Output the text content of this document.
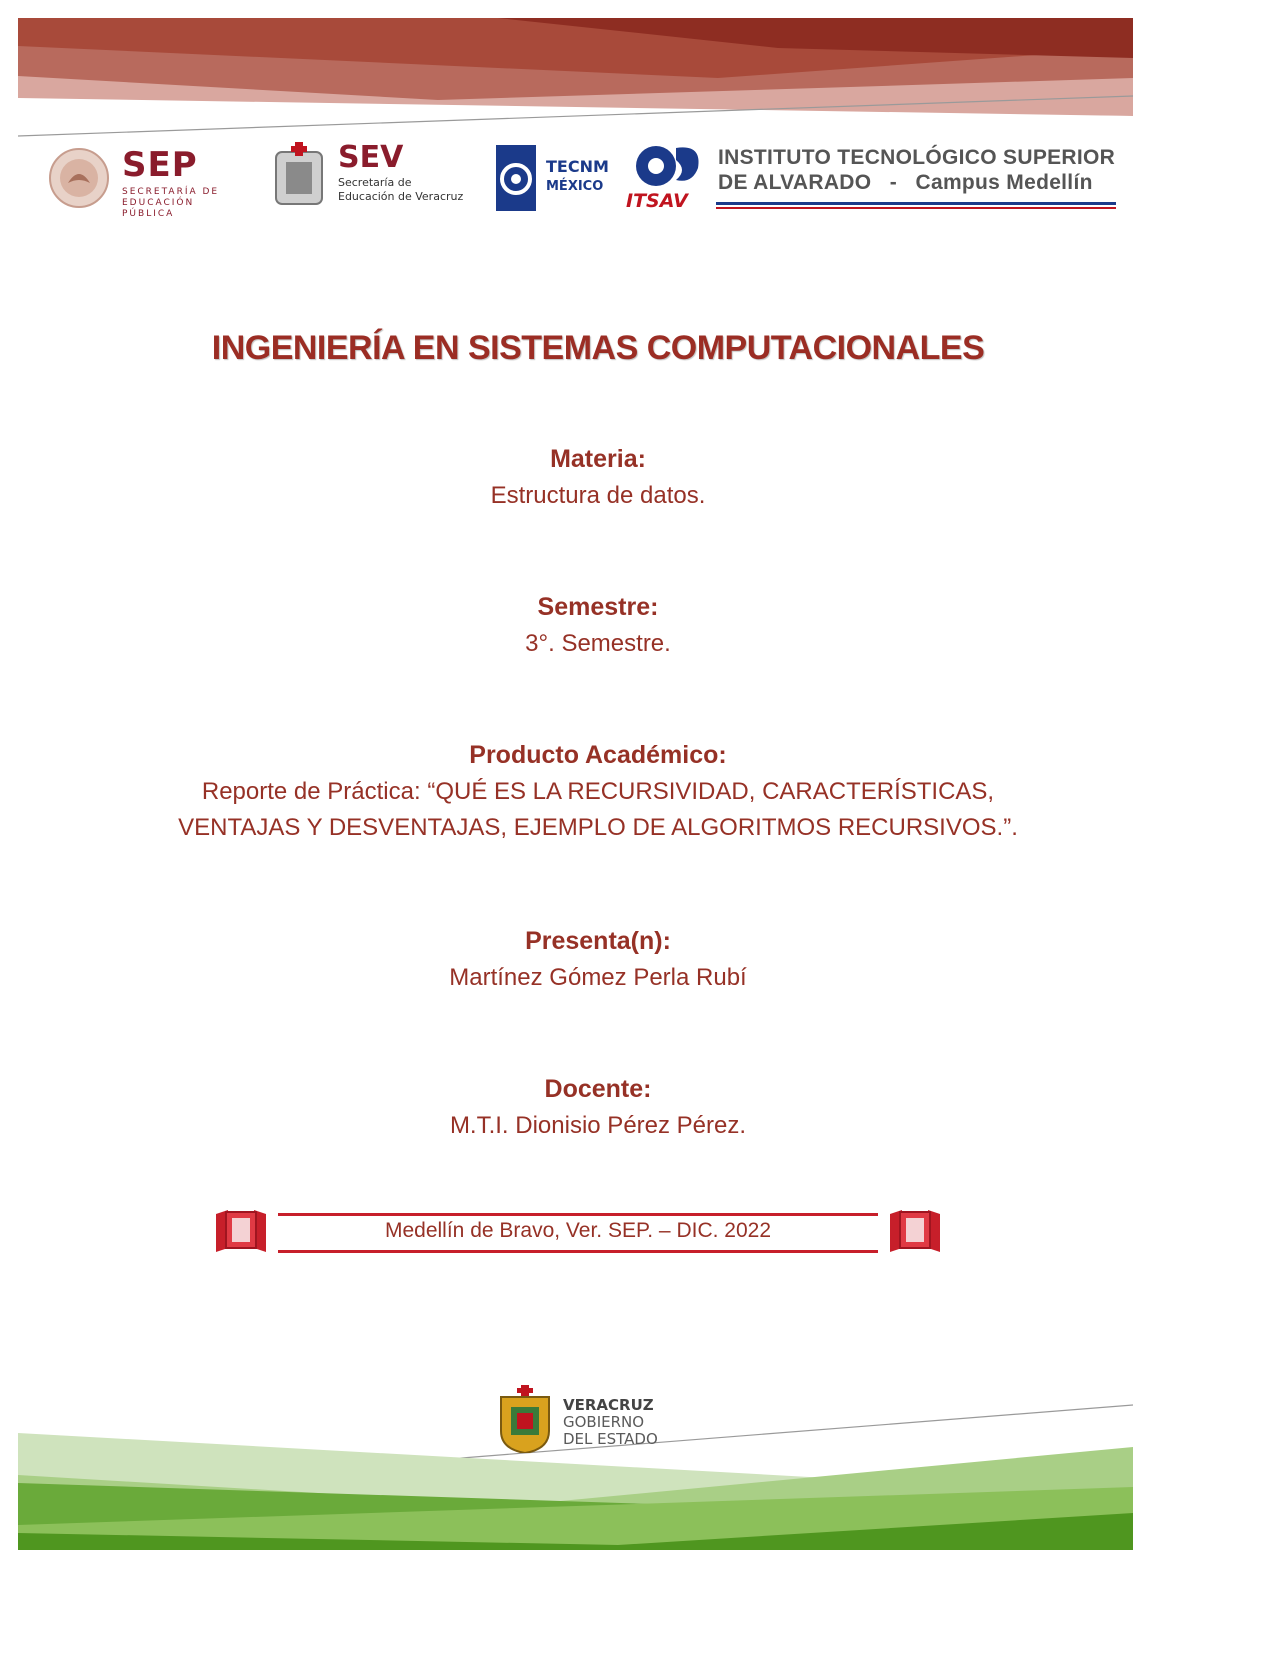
SEP
SECRETARÍA DE
EDUCACIÓN PÚBLICA
SEV
Secretaría de
Educación de Veracruz
TECNM
MÉXICO
ITSAV
INSTITUTO TECNOLÓGICO SUPERIOR
DE ALVARADO   -   Campus Medellín
INGENIERÍA EN SISTEMAS COMPUTACIONALES
Materia:
Estructura de datos.
Semestre:
3°. Semestre.
Producto Académico:
Reporte de Práctica: “QUÉ ES LA RECURSIVIDAD, CARACTERÍSTICAS,
VENTAJAS Y DESVENTAJAS, EJEMPLO DE ALGORITMOS RECURSIVOS.”.
Presenta(n):
Martínez Gómez Perla Rubí
Docente:
M.T.I. Dionisio Pérez Pérez.
Medellín de Bravo, Ver. SEP. – DIC. 2022
VERACRUZ
GOBIERNO
DEL ESTADO
